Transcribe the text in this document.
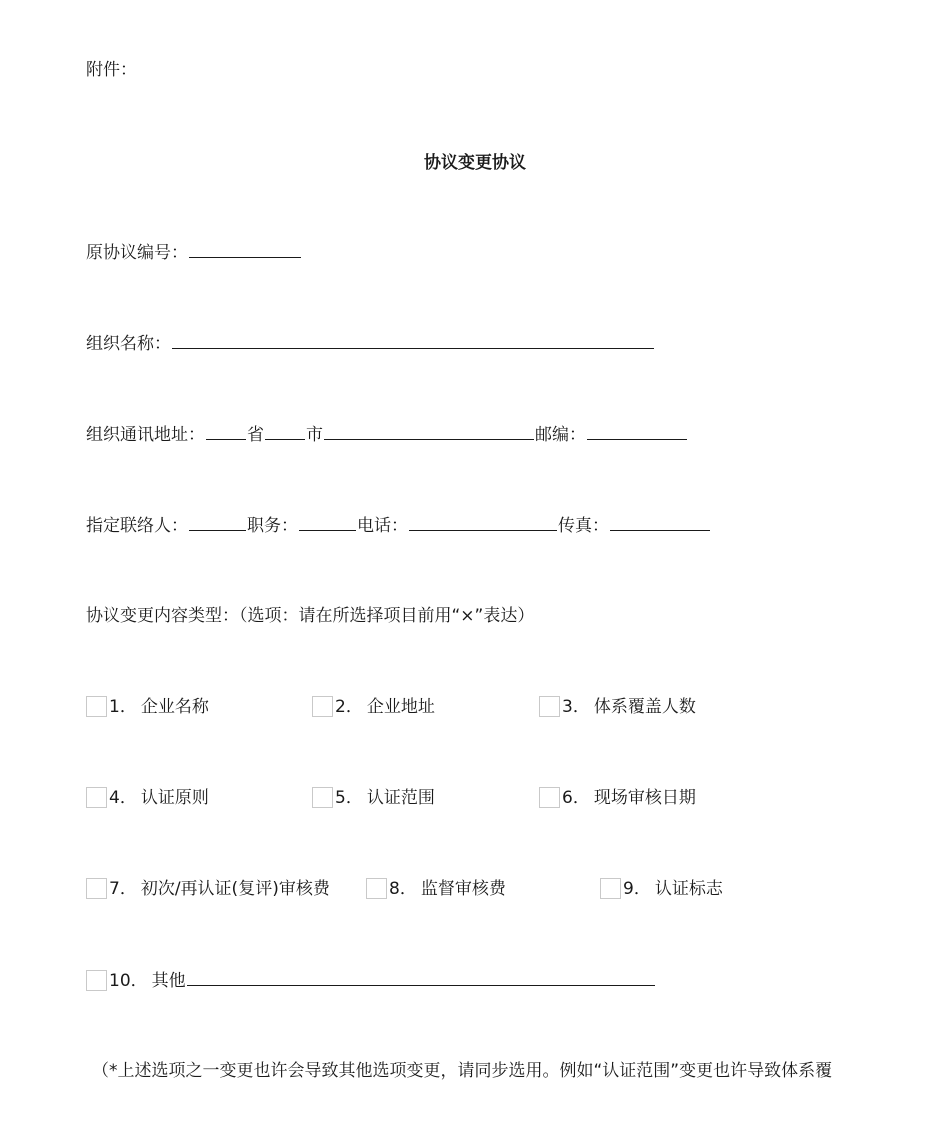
附件：
协议变更协议
原协议编号：
组织名称：
组织通讯地址： 省 市	邮编：
指定联络人：	职务：	电话：	传真：
协议变更内容类型：（选项：请在所选择项目前用“×”表达）
1． 企业名称	2． 企业地址	3． 体系覆盖人数
4． 认证原则	5． 认证范围	6． 现场审核日期
7． 初次/再认证(复评)审核费	8． 监督审核费	9． 认证标志
10． 其他
（*上述选项之一变更也许会导致其他选项变更，请同步选用。例如“认证范围”变更也许导致体系覆
